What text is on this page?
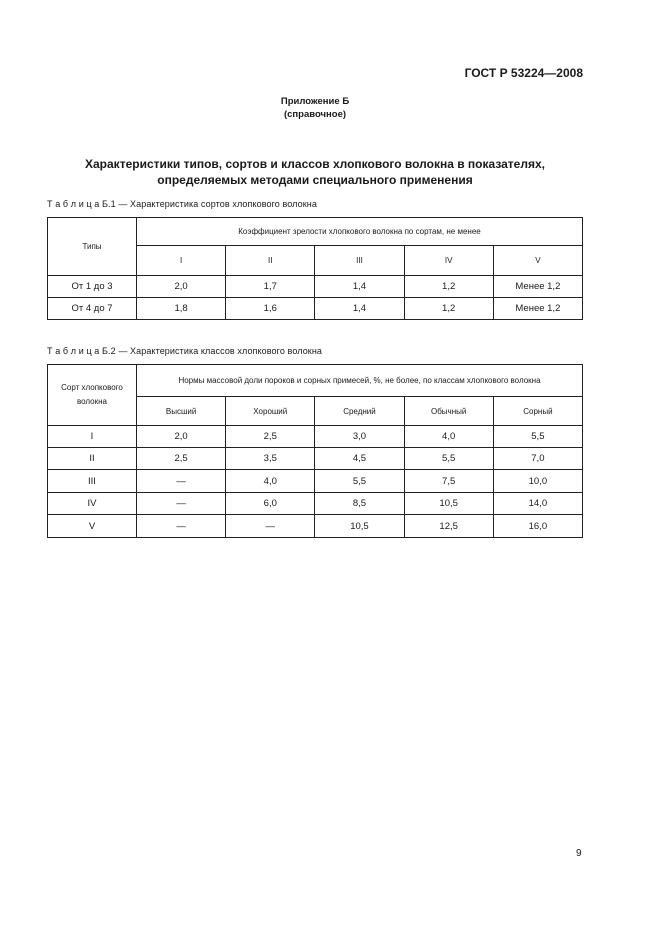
ГОСТ Р 53224—2008
Приложение Б
(справочное)
Характеристики типов, сортов и классов хлопкового волокна в показателях,
определяемых методами специального применения
Т а б л и ц а Б.1 — Характеристика сортов хлопкового волокна
Типы	Коэффициент зрелости хлопкового волокна по сортам, не менее				
	I	II	III	IV	V
От 1 до 3	2,0	1,7	1,4	1,2	Менее 1,2
От 4 до 7	1,8	1,6	1,4	1,2	Менее 1,2
Т а б л и ц а Б.2 — Характеристика классов хлопкового волокна
Сорт хлопкового волокна	Нормы массовой доли пороков и сорных примесей, %, не более, по классам хлопкового волокна				
	Высший	Хороший	Средний	Обычный	Сорный
I	2,0	2,5	3,0	4,0	5,5
II	2,5	3,5	4,5	5,5	7,0
III	—	4,0	5,5	7,5	10,0
IV	—	6,0	8,5	10,5	14,0
V	—	—	10,5	12,5	16,0
9
